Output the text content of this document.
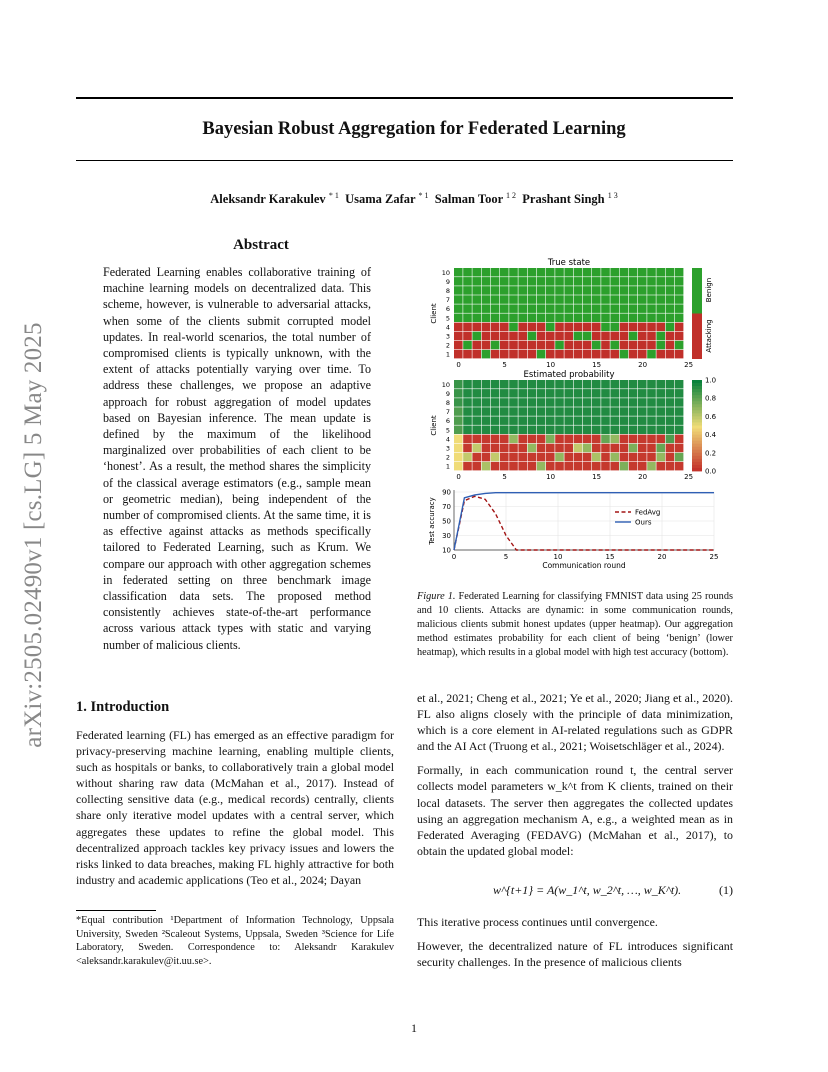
Bayesian Robust Aggregation for Federated Learning
Aleksandr Karakulev $^{* 1}$ Usama Zafar $^{* 1}$ Salman Toor $^{1 2}$ Prashant Singh $^{1 3}$
arXiv:2505.02490v1 [cs.LG] 5 May 2025
Abstract
Federated Learning enables collaborative training of machine learning models on decentralized data. This scheme, however, is vulnerable to adversarial attacks, when some of the clients submit corrupted model updates. In real-world scenarios, the total number of compromised clients is typically unknown, with the extent of attacks potentially varying over time. To address these challenges, we propose an adaptive approach for robust aggregation of model updates based on Bayesian inference. The mean update is defined by the maximum of the likelihood marginalized over probabilities of each client to be ‘honest’. As a result, the method shares the simplicity of the classical average estimators (e.g., sample mean or geometric median), being independent of the number of compromised clients. At the same time, it is as effective against attacks as methods specifically tailored to Federated Learning, such as Krum. We compare our approach with other aggregation schemes in federated setting on three benchmark image classification data sets. The proposed method consistently achieves state-of-the-art performance across various attack types with static and varying number of malicious clients.
1. Introduction
Federated learning (FL) has emerged as an effective paradigm for privacy-preserving machine learning, enabling multiple clients, such as hospitals or banks, to collaboratively train a global model without sharing raw data (McMahan et al., 2017). Instead of collecting sensitive data (e.g., medical records) centrally, clients share only iterative model updates with a central server, which aggregates these updates to refine the global model. This decentralized approach tackles key privacy issues and lowers the risks linked to data breaches, making FL highly attractive for both industry and academic applications (Teo et al., 2024; Dayan
*Equal contribution ¹Department of Information Technology, Uppsala University, Sweden ²Scaleout Systems, Uppsala, Sweden ³Science for Life Laboratory, Sweden. Correspondence to: Aleksandr Karakulev <aleksandr.karakulev@it.uu.se>.
True state
10
9
8
7
6
5
4
3
2
1
0	5	10	15	20	25
Client
Benign
Attacking
Estimated probability
10
9
8
7
6
5
4
3
2
1
0	5	10	15	20	25
Client
1.0
0.8
0.6
0.4
0.2
0.0
90
70
50
30
10
0	5	10	15	20	25
Communication round
Test accuracy	FedAvg
Ours
Figure 1. Federated Learning for classifying FMNIST data using 25 rounds and 10 clients. Attacks are dynamic: in some communication rounds, malicious clients submit honest updates (upper heatmap). Our aggregation method estimates probability for each client of being ‘benign’ (lower heatmap), which results in a global model with high test accuracy (bottom).

et al., 2021; Cheng et al., 2021; Ye et al., 2020; Jiang et al., 2020). FL also aligns closely with the principle of data minimization, which is a core element in AI-related regulations such as GDPR and the AI Act (Truong et al., 2021; Woisetschläger et al., 2024).

Formally, in each communication round t, the central server collects model parameters w_k^t from K clients, trained on their local datasets. The server then aggregates the collected updates using an aggregation mechanism A, e.g., a weighted mean as in Federated Averaging (FEDAVG) (McMahan et al., 2017), to obtain the updated global model:

w^{t+1} = A(w_1^t, w_2^t, …, w_K^t).	(1)

This iterative process continues until convergence.

However, the decentralized nature of FL introduces significant security challenges. In the presence of malicious clients

1
